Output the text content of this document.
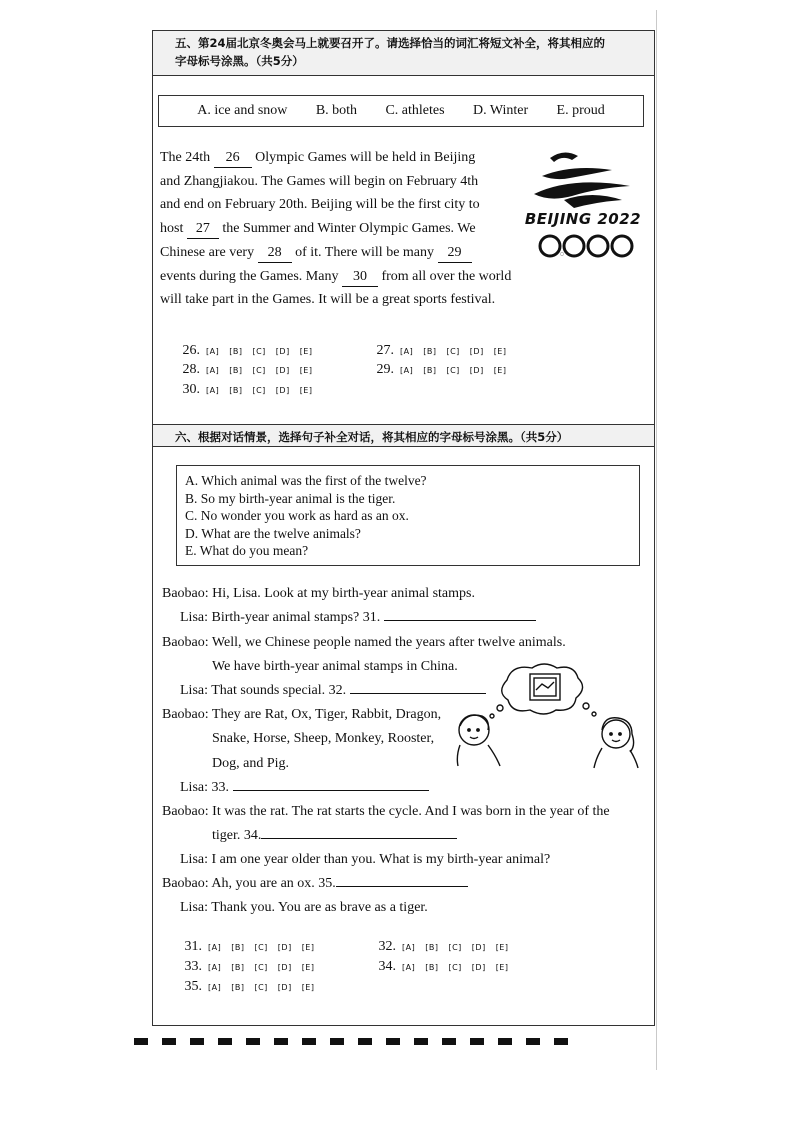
五、第24届北京冬奥会马上就要召开了。请选择恰当的词汇将短文补全，将其相应的
字母标号涂黑。（共5分）
A. ice and snow B. both C. athletes D. Winter E. proud
The 24th 26 Olympic Games will be held in Beijing
and Zhangjiakou. The Games will begin on February 4th
and end on February 20th. Beijing will be the first city to
host 27 the Summer and Winter Olympic Games. We
Chinese are very 28 of it. There will be many 29
events during the Games. Many 30 from all over the world
will take part in the Games. It will be a great sports festival.
BEIJING 2022
26. [A] [B] [C] [D] [E]	27. [A] [B] [C] [D] [E]
28. [A] [B] [C] [D] [E]	29. [A] [B] [C] [D] [E]
30. [A] [B] [C] [D] [E]
六、根据对话情景，选择句子补全对话，将其相应的字母标号涂黑。（共5分）
A. Which animal was the first of the twelve?
B. So my birth-year animal is the tiger.
C. No wonder you work as hard as an ox.
D. What are the twelve animals?
E. What do you mean?
Baobao: Hi, Lisa. Look at my birth-year animal stamps.
Lisa: Birth-year animal stamps? 31.
Baobao: Well, we Chinese people named the years after twelve animals.
We have birth-year animal stamps in China.
Lisa: That sounds special. 32.
Baobao: They are Rat, Ox, Tiger, Rabbit, Dragon,
Snake, Horse, Sheep, Monkey, Rooster,
Dog, and Pig.
Lisa: 33.
Baobao: It was the rat. The rat starts the cycle. And I was born in the year of the
tiger. 34.
Lisa: I am one year older than you. What is my birth-year animal?
Baobao: Ah, you are an ox. 35.
Lisa: Thank you. You are as brave as a tiger.
31. [A] [B] [C] [D] [E]	32. [A] [B] [C] [D] [E]
33. [A] [B] [C] [D] [E]	34. [A] [B] [C] [D] [E]
35. [A] [B] [C] [D] [E]
